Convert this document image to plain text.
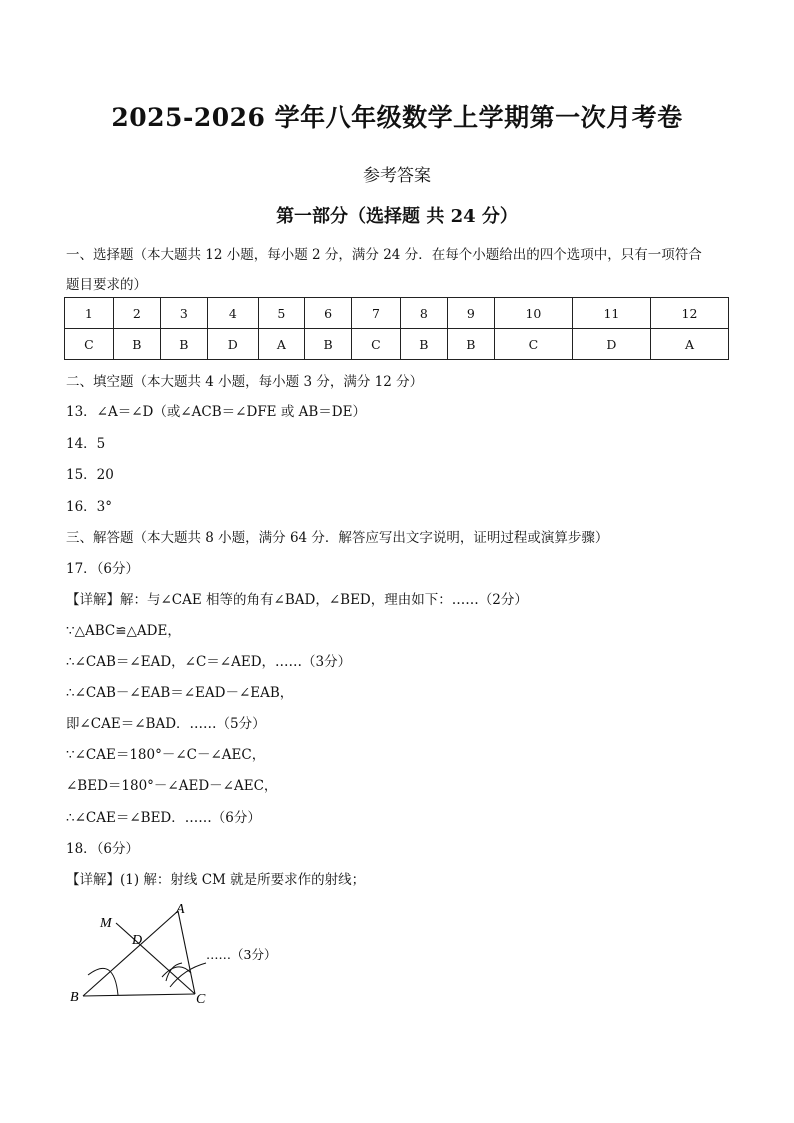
2025-2026 学年八年级数学上学期第一次月考卷
参考答案
第一部分（选择题 共 24 分）
一、选择题（本大题共 12 小题，每小题 2 分，满分 24 分．在每个小题给出的四个选项中，只有一项符合
题目要求的）
1	2	3	4	5	6	7	8	9	10	11	12
C	B	B	D	A	B	C	B	B	C	D	A
二、填空题（本大题共 4 小题，每小题 3 分，满分 12 分）
13．∠A＝∠D（或∠ACB＝∠DFE 或 AB＝DE）
14．5
15．20
16．3°
三、解答题（本大题共 8 小题，满分 64 分．解答应写出文字说明，证明过程或演算步骤）
17．（6分）
【详解】解：与∠CAE 相等的角有∠BAD，∠BED，理由如下：……（2分）
∵△ABC≌△ADE，
∴∠CAB＝∠EAD，∠C＝∠AED，……（3分）
∴∠CAB－∠EAB＝∠EAD－∠EAB，
即∠CAE＝∠BAD．……（5分）
∵∠CAE＝180°－∠C－∠AEC，
∠BED＝180°－∠AED－∠AEC，
∴∠CAE＝∠BED．……（6分）
18．（6分）
【详解】(1) 解：射线 CM 就是所要求作的射线；
M
A
D
B	C
……（3分）
